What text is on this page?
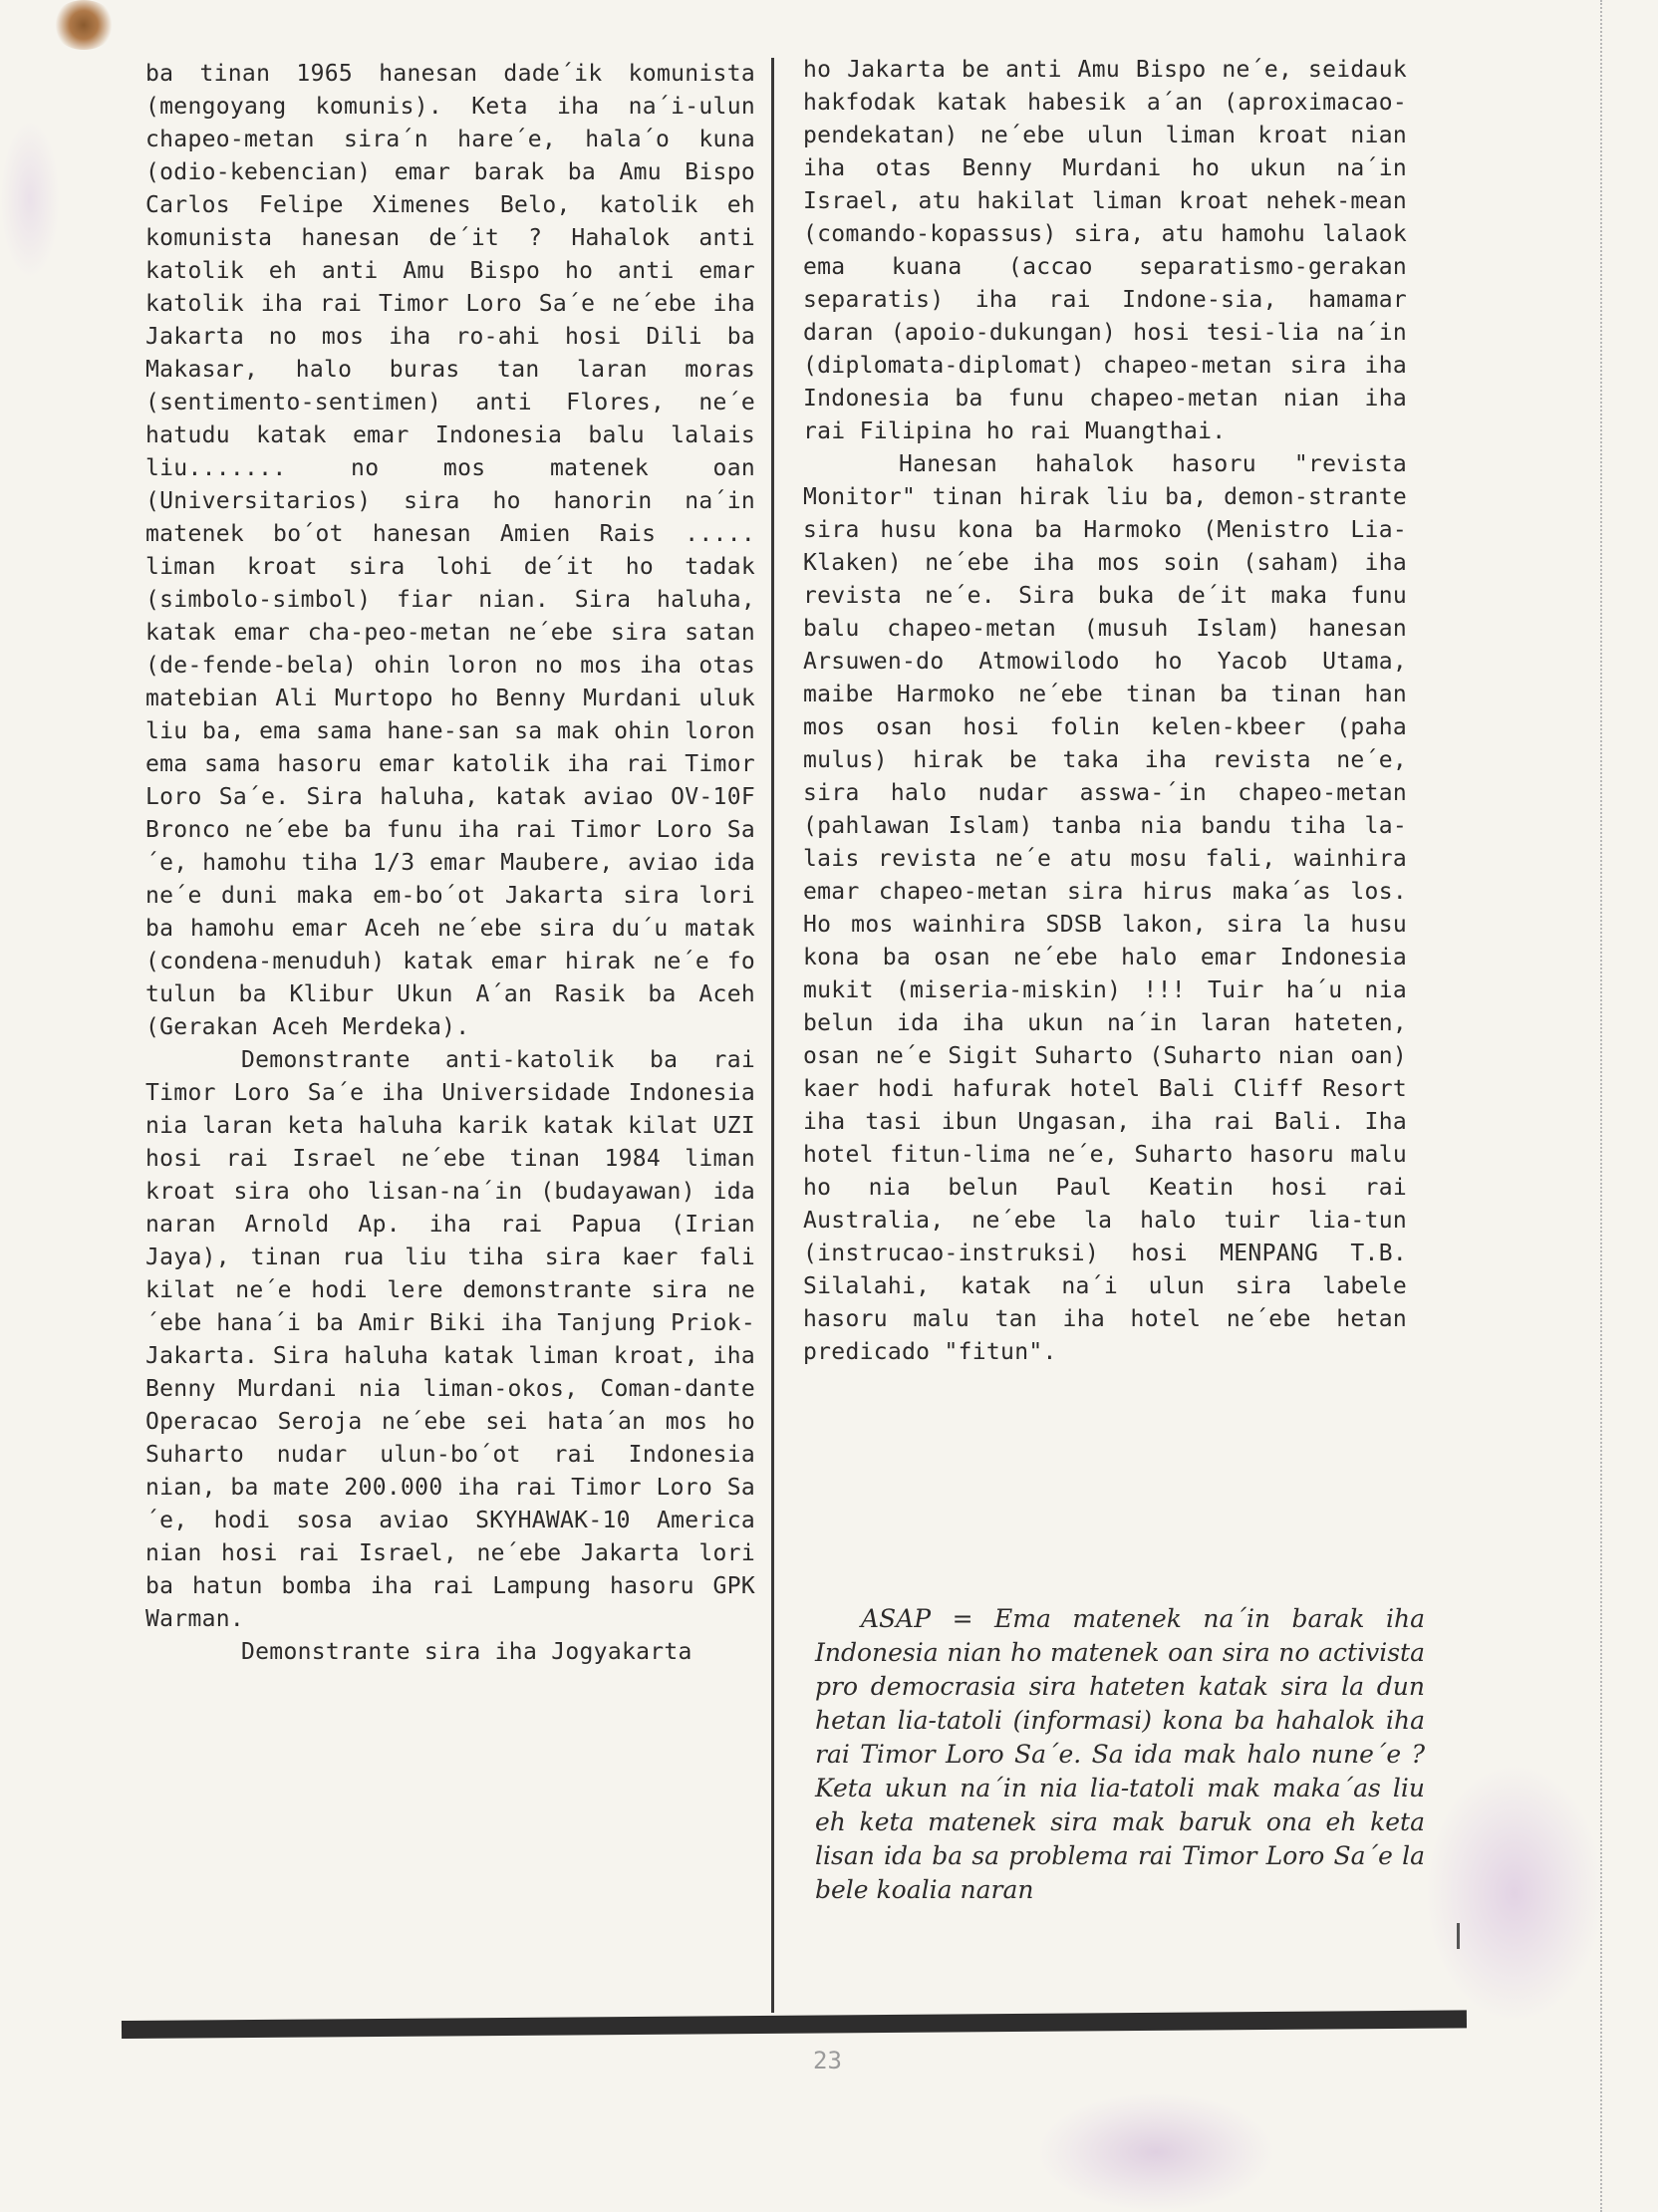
ba tinan 1965 hanesan dade´ik komunista (mengoyang komunis). Keta iha na´i-ulun chapeo-metan sira´n hare´e, hala´o kuna (odio-kebencian) emar barak ba Amu Bispo Carlos Felipe Ximenes Belo, katolik eh komunista hanesan de´it ? Hahalok anti katolik eh anti Amu Bispo ho anti emar katolik iha rai Timor Loro Sa´e ne´ebe iha Jakarta no mos iha ro-ahi hosi Dili ba Makasar, halo buras tan laran moras (sentimento-sentimen) anti Flores, ne´e hatudu katak emar Indonesia balu lalais liu....... no mos matenek oan (Universitarios) sira ho hanorin na´in matenek bo´ot hanesan Amien Rais ..... liman kroat sira lohi de´it ho tadak (simbolo-simbol) fiar nian. Sira haluha, katak emar cha-peo-metan ne´ebe sira satan (de-fende-bela) ohin loron no mos iha otas matebian Ali Murtopo ho Benny Murdani uluk liu ba, ema sama hane-san sa mak ohin loron ema sama hasoru emar katolik iha rai Timor Loro Sa´e. Sira haluha, katak aviao OV-10F Bronco ne´ebe ba funu iha rai Timor Loro Sa´e, hamohu tiha 1/3 emar Maubere, aviao ida ne´e duni maka em-bo´ot Jakarta sira lori ba hamohu emar Aceh ne´ebe sira du´u matak (condena-menuduh) katak emar hirak ne´e fo tulun ba Klibur Ukun A´an Rasik ba Aceh (Gerakan Aceh Merdeka).

Demonstrante anti-katolik ba rai Timor Loro Sa´e iha Universidade Indonesia nia laran keta haluha karik katak kilat UZI hosi rai Israel ne´ebe tinan 1984 liman kroat sira oho lisan-na´in (budayawan) ida naran Arnold Ap. iha rai Papua (Irian Jaya), tinan rua liu tiha sira kaer fali kilat ne´e hodi lere demonstrante sira ne´ebe hana´i ba Amir Biki iha Tanjung Priok-Jakarta. Sira haluha katak liman kroat, iha Benny Murdani nia liman-okos, Coman-dante Operacao Seroja ne´ebe sei hata´an mos ho Suharto nudar ulun-bo´ot rai Indonesia nian, ba mate 200.000 iha rai Timor Loro Sa´e, hodi sosa aviao SKYHAWAK-10 America nian hosi rai Israel, ne´ebe Jakarta lori ba hatun bomba iha rai Lampung hasoru GPK Warman.

Demonstrante sira iha Jogyakarta

ho Jakarta be anti Amu Bispo ne´e, seidauk hakfodak katak habesik a´an (aproximacao-pendekatan) ne´ebe ulun liman kroat nian iha otas Benny Murdani ho ukun na´in Israel, atu hakilat liman kroat nehek-mean (comando-kopassus) sira, atu hamohu lalaok ema kuana (accao separatismo-gerakan separatis) iha rai Indone-sia, hamamar daran (apoio-dukungan) hosi tesi-lia na´in (diplomata-diplomat) chapeo-metan sira iha Indonesia ba funu chapeo-metan nian iha rai Filipina ho rai Muangthai.

Hanesan hahalok hasoru "revista Monitor" tinan hirak liu ba, demon-strante sira husu kona ba Harmoko (Menistro Lia-Klaken) ne´ebe iha mos soin (saham) iha revista ne´e. Sira buka de´it maka funu balu chapeo-metan (musuh Islam) hanesan Arsuwen-do Atmowilodo ho Yacob Utama, maibe Harmoko ne´ebe tinan ba tinan han mos osan hosi folin kelen-kbeer (paha mulus) hirak be taka iha revista ne´e, sira halo nudar asswa-´in chapeo-metan (pahlawan Islam) tanba nia bandu tiha la-lais revista ne´e atu mosu fali, wainhira emar chapeo-metan sira hirus maka´as los. Ho mos wainhira SDSB lakon, sira la husu kona ba osan ne´ebe halo emar Indonesia mukit (miseria-miskin) !!! Tuir ha´u nia belun ida iha ukun na´in laran hateten, osan ne´e Sigit Suharto (Suharto nian oan) kaer hodi hafurak hotel Bali Cliff Resort iha tasi ibun Ungasan, iha rai Bali. Iha hotel fitun-lima ne´e, Suharto hasoru malu ho nia belun Paul Keatin hosi rai Australia, ne´ebe la halo tuir lia-tun (instrucao-instruksi) hosi MENPANG T.B. Silalahi, katak na´i ulun sira labele hasoru malu tan iha hotel ne´ebe hetan predicado "fitun".

ASAP = Ema matenek na´in barak iha Indonesia nian ho matenek oan sira no activista pro democrasia sira hateten katak sira la dun hetan lia-tatoli (informasi) kona ba hahalok iha rai Timor Loro Sa´e. Sa ida mak halo nune´e ? Keta ukun na´in nia lia-tatoli mak maka´as liu eh keta matenek sira mak baruk ona eh keta lisan ida ba sa problema rai Timor Loro Sa´e la bele koalia naran
23
